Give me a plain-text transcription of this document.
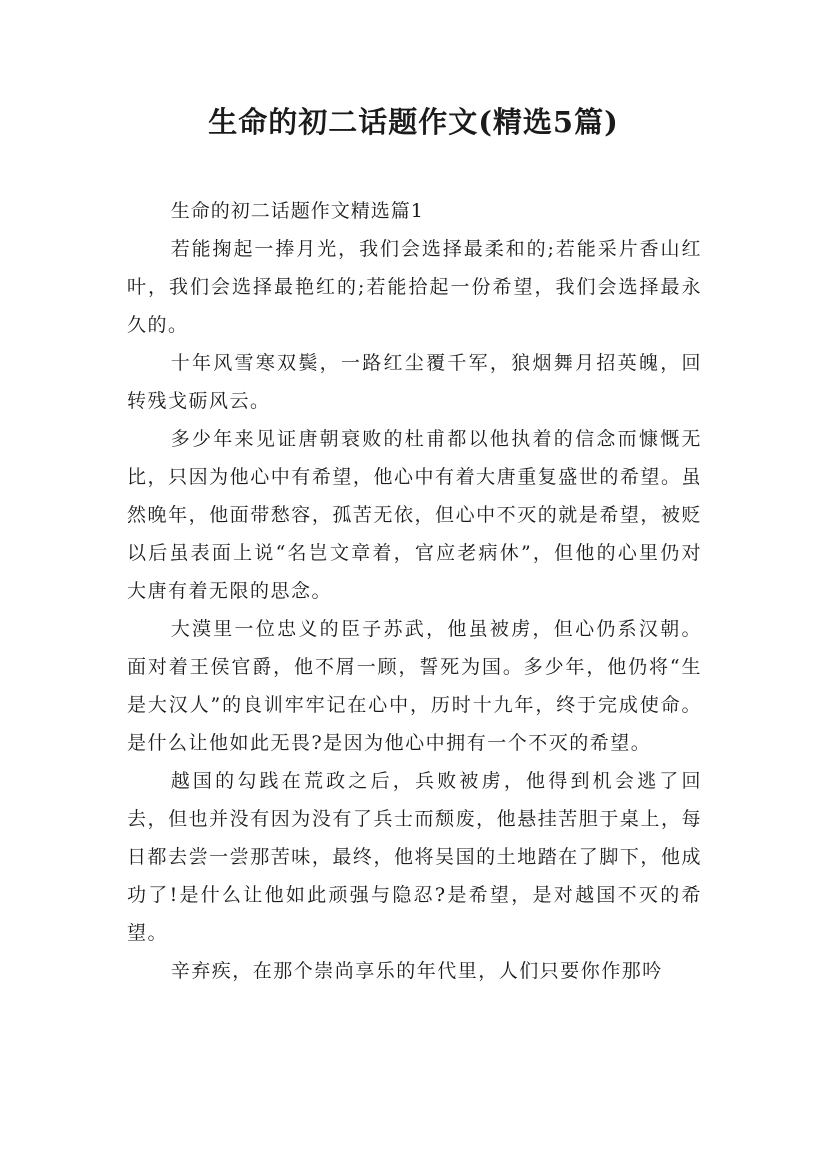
生命的初二话题作文(精选5篇)

生命的初二话题作文精选篇1

若能掬起一捧月光，我们会选择最柔和的;若能采片香山红叶，我们会选择最艳红的;若能拾起一份希望，我们会选择最永久的。

十年风雪寒双鬓，一路红尘覆千军，狼烟舞月招英魄，回转残戈砺风云。

多少年来见证唐朝衰败的杜甫都以他执着的信念而慷慨无比，只因为他心中有希望，他心中有着大唐重复盛世的希望。虽然晚年，他面带愁容，孤苦无依，但心中不灭的就是希望，被贬以后虽表面上说“名岂文章着，官应老病休”，但他的心里仍对大唐有着无限的思念。

大漠里一位忠义的臣子苏武，他虽被虏，但心仍系汉朝。面对着王侯官爵，他不屑一顾，誓死为国。多少年，他仍将“生是大汉人”的良训牢牢记在心中，历时十九年，终于完成使命。是什么让他如此无畏?是因为他心中拥有一个不灭的希望。

越国的勾践在荒政之后，兵败被虏，他得到机会逃了回去，但也并没有因为没有了兵士而颓废，他悬挂苦胆于桌上，每日都去尝一尝那苦味，最终，他将吴国的土地踏在了脚下，他成功了!是什么让他如此顽强与隐忍?是希望，是对越国不灭的希望。

辛弃疾，在那个崇尚享乐的年代里，人们只要你作那吟
